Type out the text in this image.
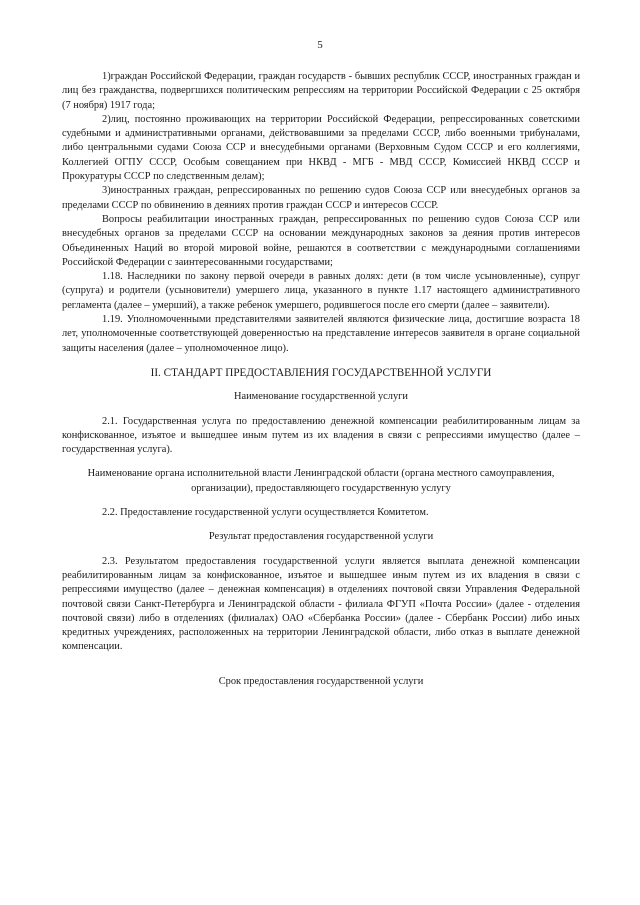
5

1)граждан Российской Федерации, граждан государств - бывших республик СССР, иностранных граждан и лиц без гражданства, подвергшихся политическим репрессиям на территории Российской Федерации с 25 октября (7 ноября) 1917 года;

2)лиц, постоянно проживающих на территории Российской Федерации, репрессированных советскими судебными и административными органами, действовавшими за пределами СССР, либо военными трибуналами, либо центральными судами Союза ССР и внесудебными органами (Верховным Судом СССР и его коллегиями, Коллегией ОГПУ СССР, Особым совещанием при НКВД - МГБ - МВД СССР, Комиссией НКВД СССР и Прокуратуры СССР по следственным делам);

3)иностранных граждан, репрессированных по решению судов Союза ССР или внесудебных органов за пределами СССР по обвинению в деяниях против граждан СССР и интересов СССР.

Вопросы реабилитации иностранных граждан, репрессированных по решению судов Союза ССР или внесудебных органов за пределами СССР на основании международных законов за деяния против интересов Объединенных Наций во второй мировой войне, решаются в соответствии с международными соглашениями Российской Федерации с заинтересованными государствами;

1.18. Наследники по закону первой очереди в равных долях: дети (в том числе усыновленные), супруг (супруга) и родители (усыновители) умершего лица, указанного в пункте 1.17 настоящего административного регламента (далее – умерший), а также ребенок умершего, родившегося после его смерти (далее – заявители).

1.19. Уполномоченными представителями заявителей являются физические лица, достигшие возраста 18 лет, уполномоченные соответствующей доверенностью на представление интересов заявителя в органе социальной защиты населения (далее – уполномоченное лицо).

II. СТАНДАРТ ПРЕДОСТАВЛЕНИЯ ГОСУДАРСТВЕННОЙ УСЛУГИ
Наименование государственной услуги

2.1. Государственная услуга по предоставлению денежной компенсации реабилитированным лицам за конфискованное, изъятое и вышедшее иным путем из их владения в связи с репрессиями имущество (далее – государственная услуга).

Наименование органа исполнительной власти Ленинградской области (органа местного самоуправления, организации), предоставляющего государственную услугу

2.2. Предоставление государственной услуги осуществляется Комитетом.

Результат предоставления государственной услуги

2.3. Результатом предоставления государственной услуги является выплата денежной компенсации реабилитированным лицам за конфискованное, изъятое и вышедшее иным путем из их владения в связи с репрессиями имущество (далее – денежная компенсация) в отделениях почтовой связи Управления Федеральной почтовой связи Санкт-Петербурга и Ленинградской области - филиала ФГУП «Почта России» (далее - отделения почтовой связи) либо в отделениях (филиалах) ОАО «Сбербанка России» (далее - Сбербанк России) либо иных кредитных учреждениях, расположенных на территории Ленинградской области, либо отказ в выплате денежной компенсации.

Срок предоставления государственной услуги
